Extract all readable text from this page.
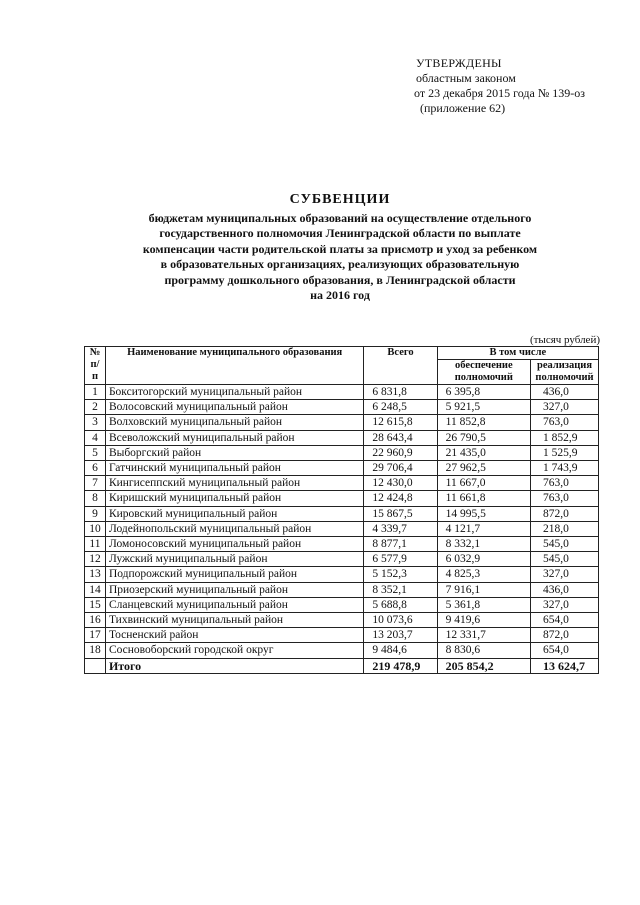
УТВЕРЖДЕНЫ
областным законом
от 23 декабря 2015 года № 139-оз
(приложение 62)
СУБВЕНЦИИ
бюджетам муниципальных образований на осуществление отдельного
государственного полномочия Ленинградской области по выплате
компенсации части родительской платы за присмотр и уход за ребенком
в образовательных организациях, реализующих образовательную
программу дошкольного образования, в Ленинградской области
на 2016 год
(тысяч рублей)
№ п/п	Наименование муниципального образования	Всего	В том числе	
			обеспечение полномочий	реализация полномочий
1	Бокситогорский муниципальный район	6 831,8	6 395,8	436,0
2	Волосовский муниципальный район	6 248,5	5 921,5	327,0
3	Волховский муниципальный район	12 615,8	11 852,8	763,0
4	Всеволожский муниципальный район	28 643,4	26 790,5	1 852,9
5	Выборгский район	22 960,9	21 435,0	1 525,9
6	Гатчинский муниципальный район	29 706,4	27 962,5	1 743,9
7	Кингисеппский муниципальный район	12 430,0	11 667,0	763,0
8	Киришский муниципальный район	12 424,8	11 661,8	763,0
9	Кировский муниципальный район	15 867,5	14 995,5	872,0
10	Лодейнопольский муниципальный район	4 339,7	4 121,7	218,0
11	Ломоносовский муниципальный район	8 877,1	8 332,1	545,0
12	Лужский муниципальный район	6 577,9	6 032,9	545,0
13	Подпорожский муниципальный район	5 152,3	4 825,3	327,0
14	Приозерский муниципальный район	8 352,1	7 916,1	436,0
15	Сланцевский муниципальный район	5 688,8	5 361,8	327,0
16	Тихвинский муниципальный район	10 073,6	9 419,6	654,0
17	Тосненский район	13 203,7	12 331,7	872,0
18	Сосновоборский городской округ	9 484,6	8 830,6	654,0
	Итого	219 478,9	205 854,2	13 624,7
